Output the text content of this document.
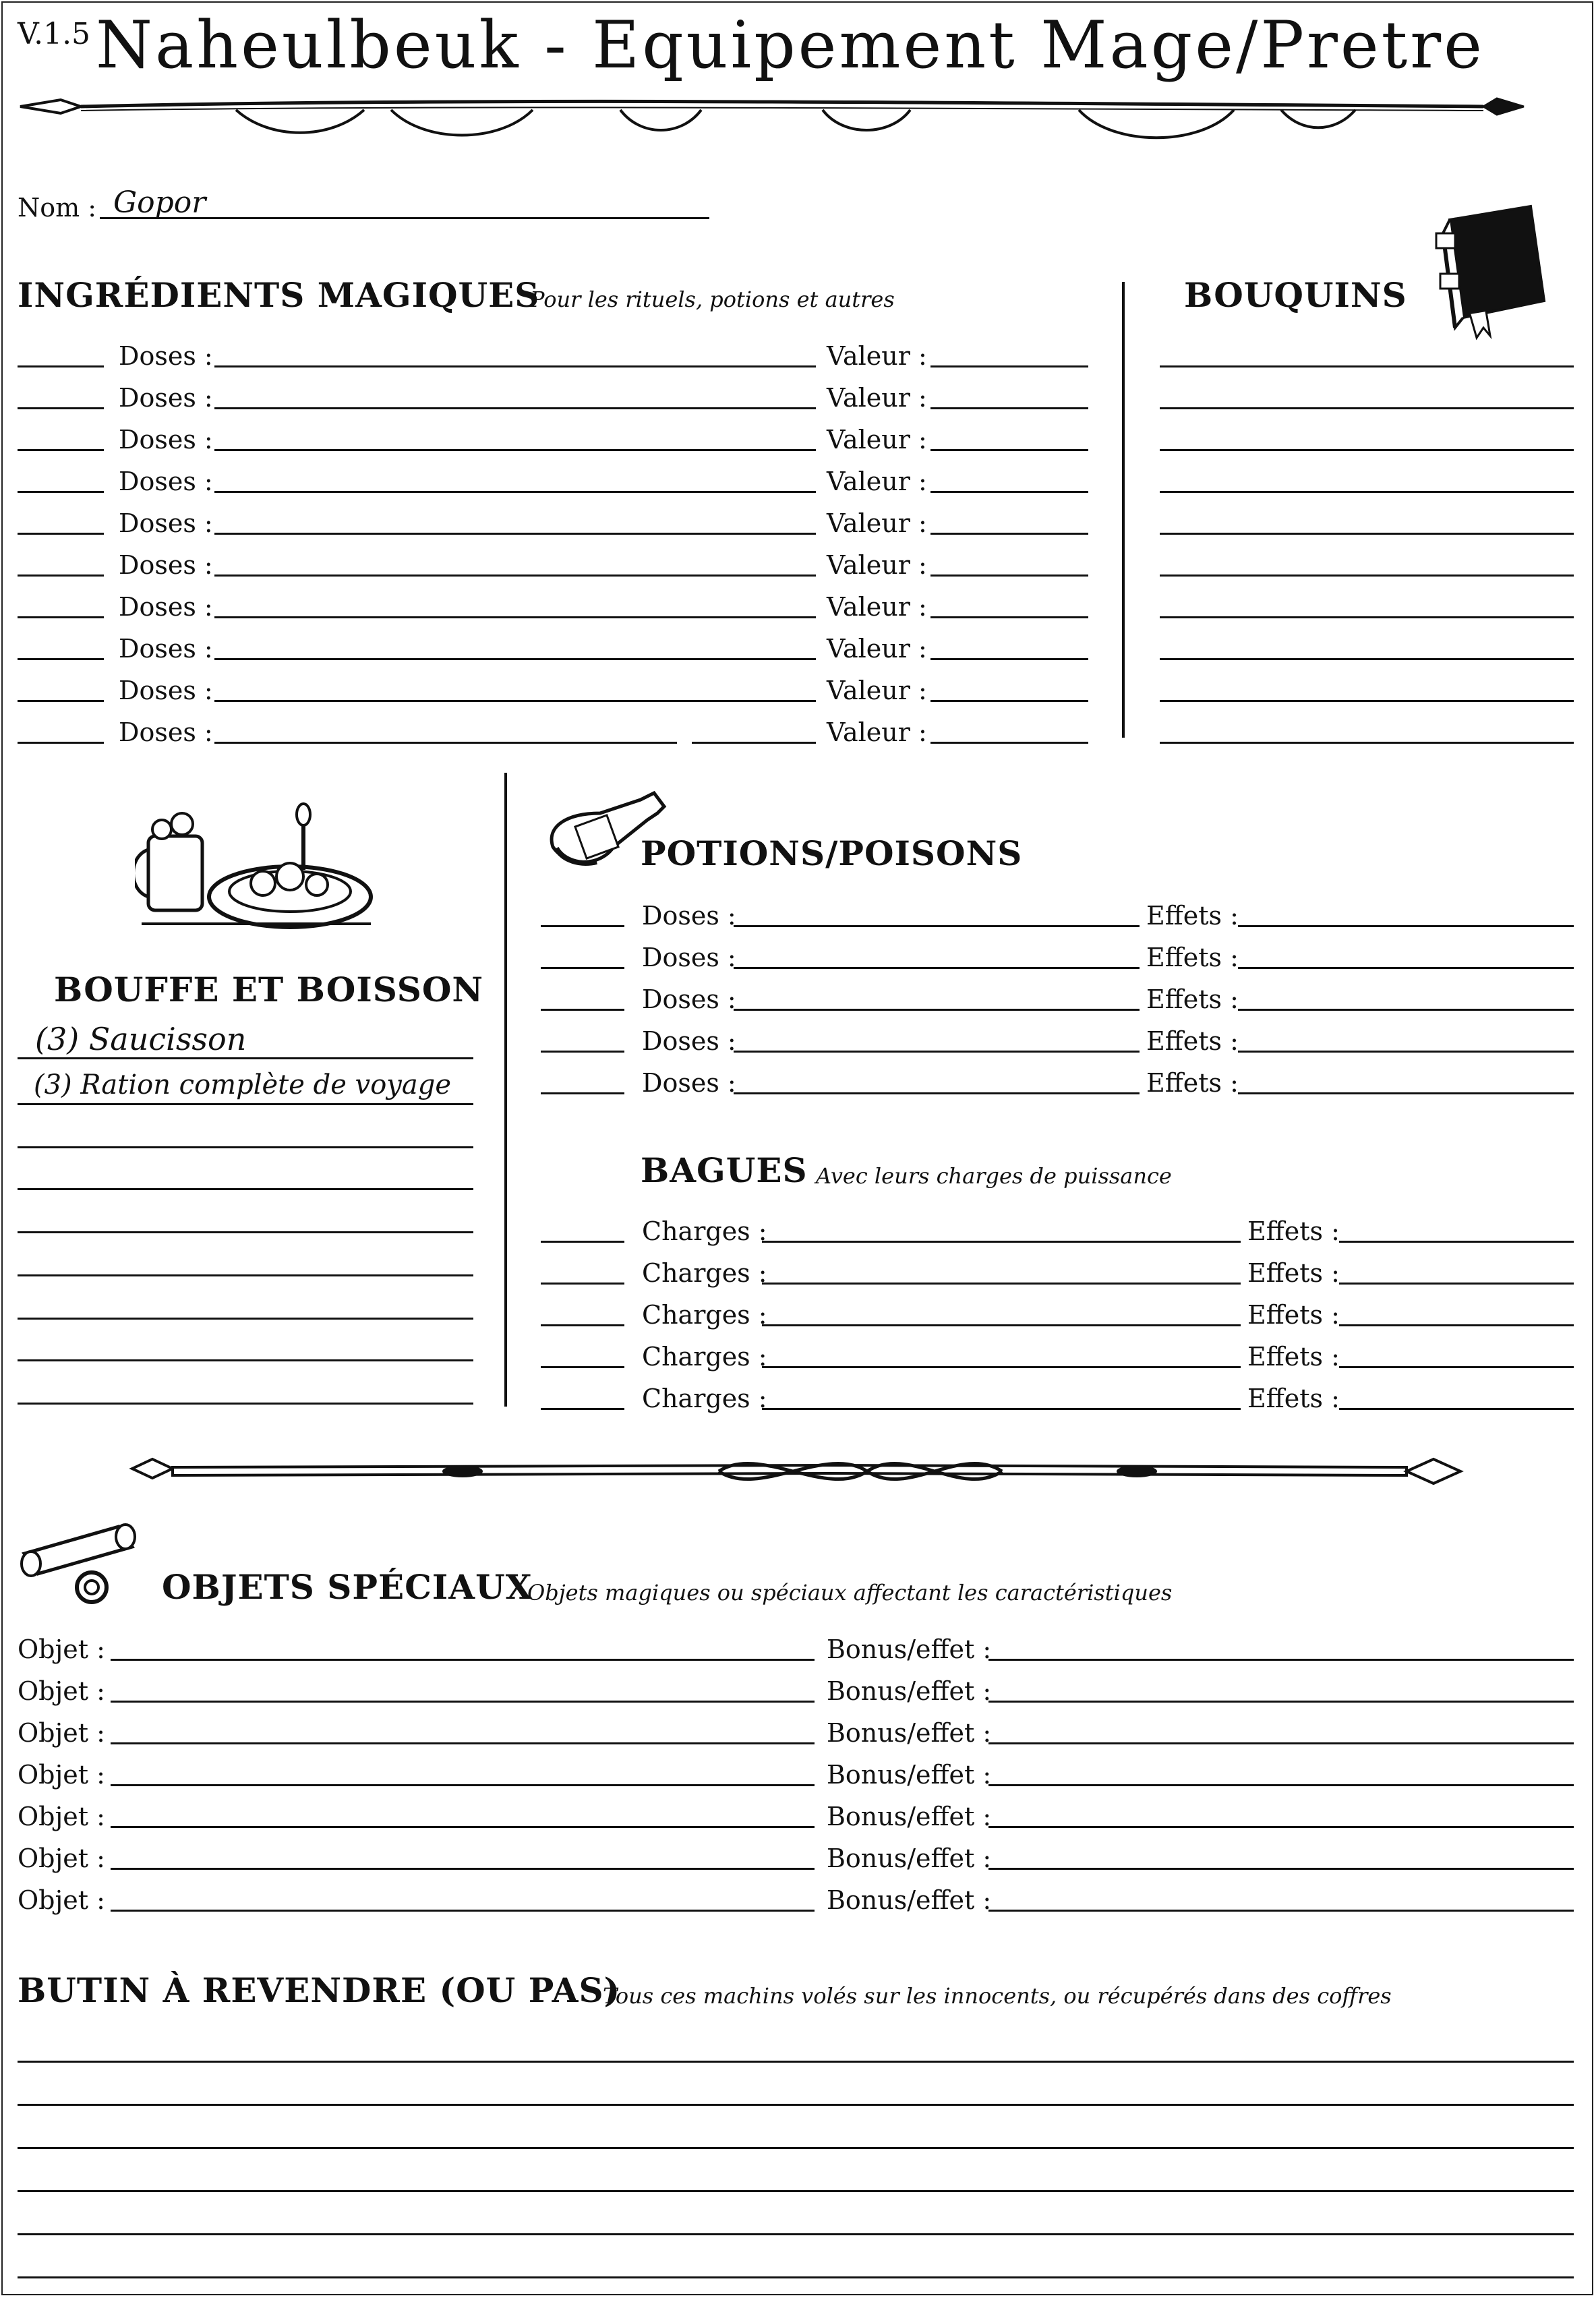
V.1.5 Naheulbeuk - Equipement Mage/Pretre
Nom : Gopor
INGRÉDIENTS MAGIQUES
Pour les rituels, potions et autres
Doses :	Valeur :
Doses :	Valeur :
Doses :	Valeur :
Doses :	Valeur :
Doses :	Valeur :
Doses :	Valeur :
Doses :	Valeur :
Doses :	Valeur :
Doses :	Valeur :
Doses :	Valeur :
BOUQUINS
BOUFFE ET BOISSON
(3) Saucisson
(3) Ration complète de voyage
POTIONS/POISONS
Doses :	Effets :
Doses :	Effets :
Doses :	Effets :
Doses :	Effets :
Doses :	Effets :
BAGUES Avec leurs charges de puissance
Charges :	Effets :
Charges :	Effets :
Charges :	Effets :
Charges :	Effets :
Charges :	Effets :
OBJETS SPÉCIAUX
Objets magiques ou spéciaux affectant les caractéristiques
Objet :	Bonus/effet :
Objet :	Bonus/effet :
Objet :	Bonus/effet :
Objet :	Bonus/effet :
Objet :	Bonus/effet :
Objet :	Bonus/effet :
Objet :	Bonus/effet :
BUTIN À REVENDRE (OU PAS)
Tous ces machins volés sur les innocents, ou récupérés dans des coffres
